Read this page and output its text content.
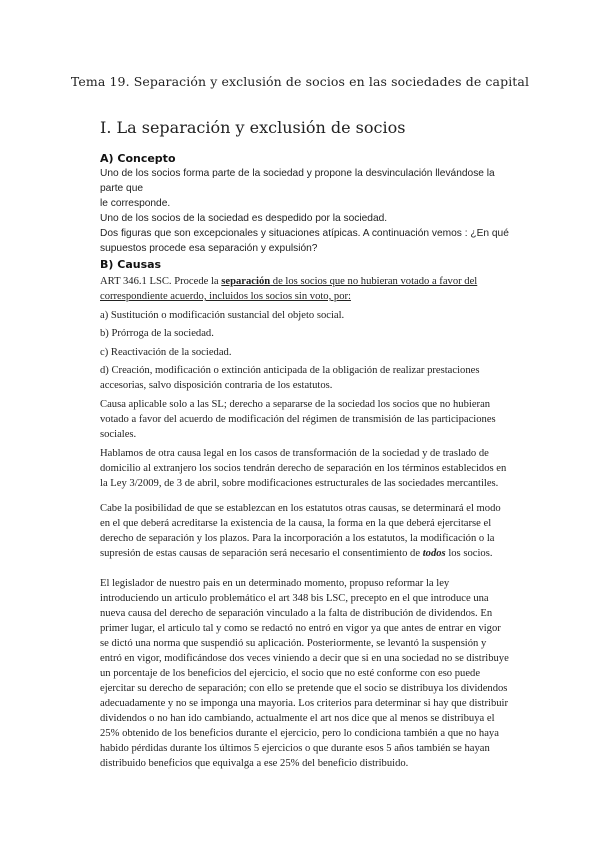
Tema 19. Separación y exclusión de socios en las sociedades de capital
I. La separación y exclusión de socios
A) Concepto
Uno de los socios forma parte de la sociedad y propone la desvinculación llevándose la parte que
le corresponde.
Uno de los socios de la sociedad es despedido por la sociedad.
Dos figuras que son excepcionales y situaciones atípicas. A continuación vemos : ¿En qué
supuestos procede esa separación y expulsión?
B) Causas
ART 346.1 LSC. Procede la separación de los socios que no hubieran votado a favor del
correspondiente acuerdo, incluidos los socios sin voto, por:
a) Sustitución o modificación sustancial del objeto social.
b) Prórroga de la sociedad.
c) Reactivación de la sociedad.
d) Creación, modificación o extinción anticipada de la obligación de realizar prestaciones
accesorias, salvo disposición contraria de los estatutos.
Causa aplicable solo a las SL; derecho a separarse de la sociedad los socios que no hubieran
votado a favor del acuerdo de modificación del régimen de transmisión de las participaciones
sociales.
Hablamos de otra causa legal en los casos de transformación de la sociedad y de traslado de
domicilio al extranjero los socios tendrán derecho de separación en los términos establecidos en
la Ley 3/2009, de 3 de abril, sobre modificaciones estructurales de las sociedades mercantiles.
Cabe la posibilidad de que se establezcan en los estatutos otras causas, se determinará el modo
en el que deberá acreditarse la existencia de la causa, la forma en la que deberá ejercitarse el
derecho de separación y los plazos. Para la incorporación a los estatutos, la modificación o la
supresión de estas causas de separación será necesario el consentimiento de todos los socios.
El legislador de nuestro pais en un determinado momento, propuso reformar la ley
introduciendo un articulo problemático el art 348 bis LSC, precepto en el que introduce una
nueva causa del derecho de separación vinculado a la falta de distribución de dividendos. En
primer lugar, el articulo tal y como se redactó no entró en vigor ya que antes de entrar en vigor
se dictó una norma que suspendió su aplicación. Posteriormente, se levantó la suspensión y
entró en vigor, modificándose dos veces viniendo a decir que si en una sociedad no se distribuye
un porcentaje de los beneficios del ejercicio, el socio que no esté conforme con eso puede
ejercitar su derecho de separación; con ello se pretende que el socio se distribuya los dividendos
adecuadamente y no se imponga una mayoria. Los criterios para determinar si hay que distribuir
dividendos o no han ido cambiando, actualmente el art nos dice que al menos se distribuya el
25% obtenido de los beneficios durante el ejercicio, pero lo condiciona también a que no haya
habido pérdidas durante los últimos 5 ejercicios o que durante esos 5 años también se hayan
distribuido beneficios que equivalga a ese 25% del beneficio distribuido.
